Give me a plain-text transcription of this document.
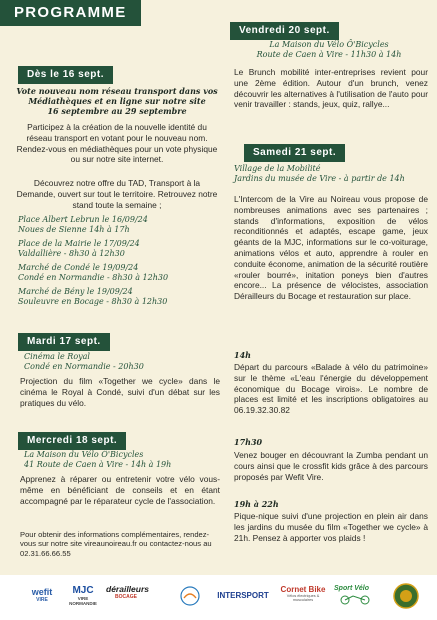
PROGRAMME
Dès le 16 sept.
Vote nouveau nom réseau transport dans vos
Médiathèques et en ligne sur notre site
16 septembre au 29 septembre
Participez à la création de la nouvelle identité du réseau transport en votant pour le nouveau nom. Rendez-vous en médiathèques pour un vote physique ou sur notre site internet.
Découvrez notre offre du TAD, Transport à la Demande, ouvert sur tout le territoire. Retrouvez notre stand toute la semaine ;
Place Albert Lebrun le 16/09/24
Noues de Sienne 14h à 17h
Place de la Mairie le 17/09/24
Valdallière - 8h30 à 12h30
Marché de Condé le 19/09/24
Condé en Normandie - 8h30 à 12h30
Marché de Bény le 19/09/24
Souleuvre en Bocage - 8h30 à 12h30
Mardi 17 sept.
Cinéma le Royal
Condé en Normandie - 20h30
Projection du film «Together we cycle» dans le cinéma le Royal à Condé, suivi d'un débat sur les pratiques du vélo.
Mercredi 18 sept.
La Maison du Vélo Ô'Bicycles
41 Route de Caen à Vire - 14h à 19h
Apprenez à réparer ou entretenir votre vélo vous-même en bénéficiant de conseils et en étant accompagné par le réparateur cycle de l'association.
Pour obtenir des informations complémentaires, rendez-vous sur notre site vireaunoireau.fr ou contactez-nous au 02.31.66.66.55
Vendredi 20 sept.
La Maison du Vélo Ô'Bicycles
Route de Caen à Vire - 11h30 à 14h
Le Brunch mobilité inter-entreprises revient pour une 2ème édition. Autour d'un brunch, venez découvrir les alternatives à l'utilisation de l'auto pour venir travailler : stands, jeux, quiz, rallye...
Samedi 21 sept.
Village de la Mobilité
Jardins du musée de Vire - à partir de 14h
L'Intercom de la Vire au Noireau vous propose de nombreuses animations avec ses partenaires ; stands d'informations, exposition de vélos reconditionnés et adaptés, escape game, jeux géants de la MJC, informations sur le co-voiturage, animations vélos et auto, apprendre à rouler en conduite économe, animation de la sécurité routière «rouler bourré», initation poneys bien d'autres encore... La présence de vélocistes, association Dérailleurs du Bocage et restauration sur place.
14h
Départ du parcours «Balade à vélo du patrimoine» sur le thème «L'eau l'énergie du développement économique du Bocage virois». Le nombre de places est limité et les inscriptions obligatoires au 06.19.32.30.82
17h30
Venez bouger en découvrant la Zumba pendant un cours ainsi que le crossfit kids grâce à des parcours proposés par Wefit Vire.
19h à 22h
Pique-nique suivi d'une projection en plein air dans les jardins du musée du film «Together we cycle» à 21h. Pensez à apporter vos plaids !
wefit
VIRE
MJC
VIRE NORMANDIE
dérailleurs
BOCAGE	INTERSPORT
Cornet Bike
Vélos électriques & musculaires
Sport Vélo
